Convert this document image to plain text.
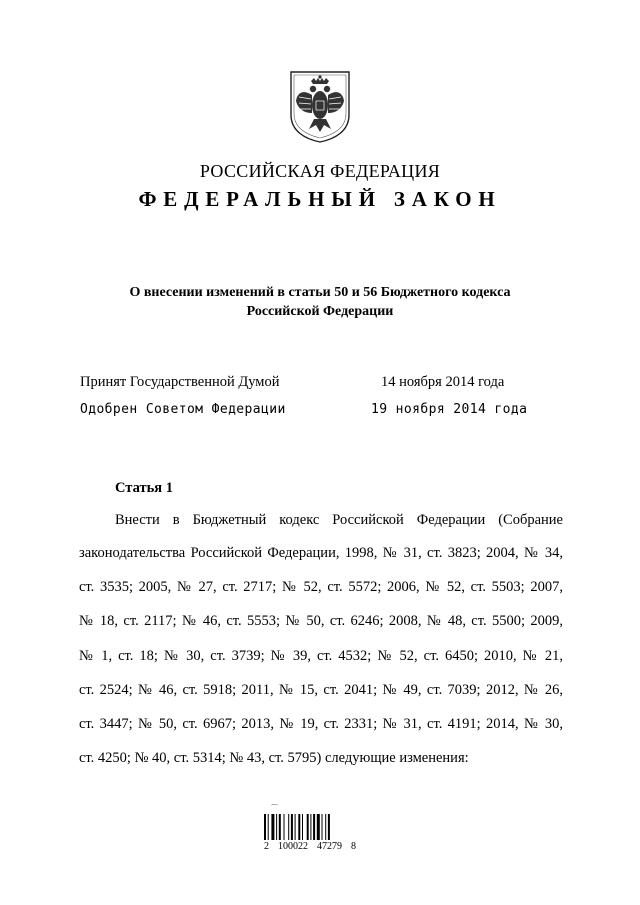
РОССИЙСКАЯ ФЕДЕРАЦИЯ
ФЕДЕРАЛЬНЫЙ ЗАКОН
О внесении изменений в статьи 50 и 56 Бюджетного кодекса
Российской Федерации
Принят Государственной Думой	14 ноября 2014 года
Одобрен Советом Федерации	19 ноября 2014 года
Статья 1
Внести в Бюджетный кодекс Российской Федерации (Собрание
законодательства Российской Федерации, 1998, № 31, ст. 3823; 2004, № 34,
ст. 3535; 2005, № 27, ст. 2717; № 52, ст. 5572; 2006, № 52, ст. 5503; 2007,
№ 18, ст. 2117; № 46, ст. 5553; № 50, ст. 6246; 2008, № 48, ст. 5500; 2009,
№ 1, ст. 18; № 30, ст. 3739; № 39, ст. 4532; № 52, ст. 6450; 2010, № 21,
ст. 2524; № 46, ст. 5918; 2011, № 15, ст. 2041; № 49, ст. 7039; 2012, № 26,
ст. 3447; № 50, ст. 6967; 2013, № 19, ст. 2331; № 31, ст. 4191; 2014, № 30,
ст. 4250; № 40, ст. 5314; № 43, ст. 5795) следующие изменения:
⌒
2 100022 47279 8
